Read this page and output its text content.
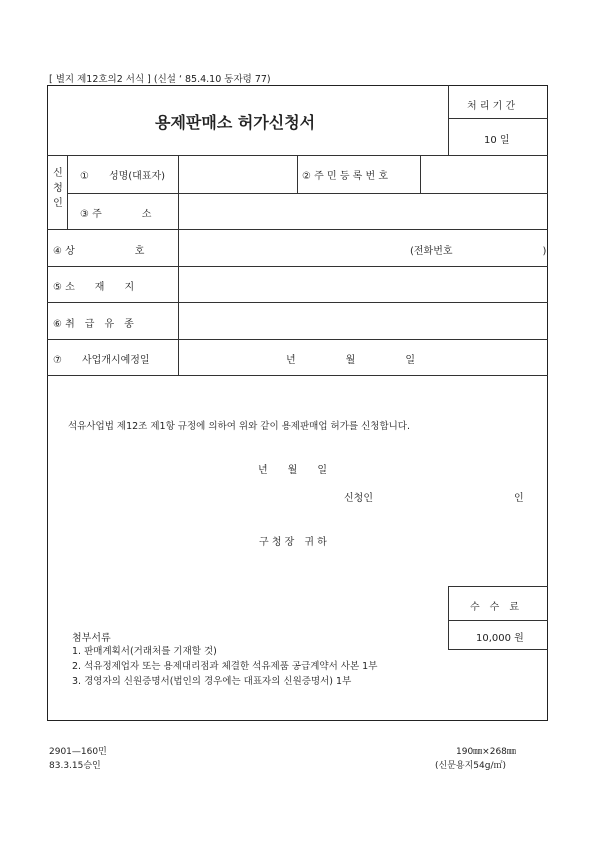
[ 별지 제12호의2 서식 ] (신설 ‘ 85.4.10 동자령 77)
용제판매소 허가신청서
처 리 기 간
10 일
신
청
인
①　　성명(대표자)	② 주 민 등 록 번 호
③ 주　　　　소
④ 상　　　　　　호	(전화번호　　　　　　　　　)
⑤ 소　　재　　지
⑥ 취　급　유　종
⑦　　사업개시예정일	년　　　　　월　　　　　일
석유사업법 제12조 제1항 규정에 의하여 위와 같이 용제판매업 허가를 신청합니다.
년　　월　　일
신청인	인
구 청 장　귀 하
수　수　료
10,000 원
첨부서류
1. 판매계획서(거래처를 기재할 것)
2. 석유정제업자 또는 용제대리점과 체결한 석유제품 공급계약서 사본 1부
3. 경영자의 신원증명서(법인의 경우에는 대표자의 신원증명서) 1부
2901—160민
83.3.15승인
190㎜×268㎜
(신문용지54g/㎡)
